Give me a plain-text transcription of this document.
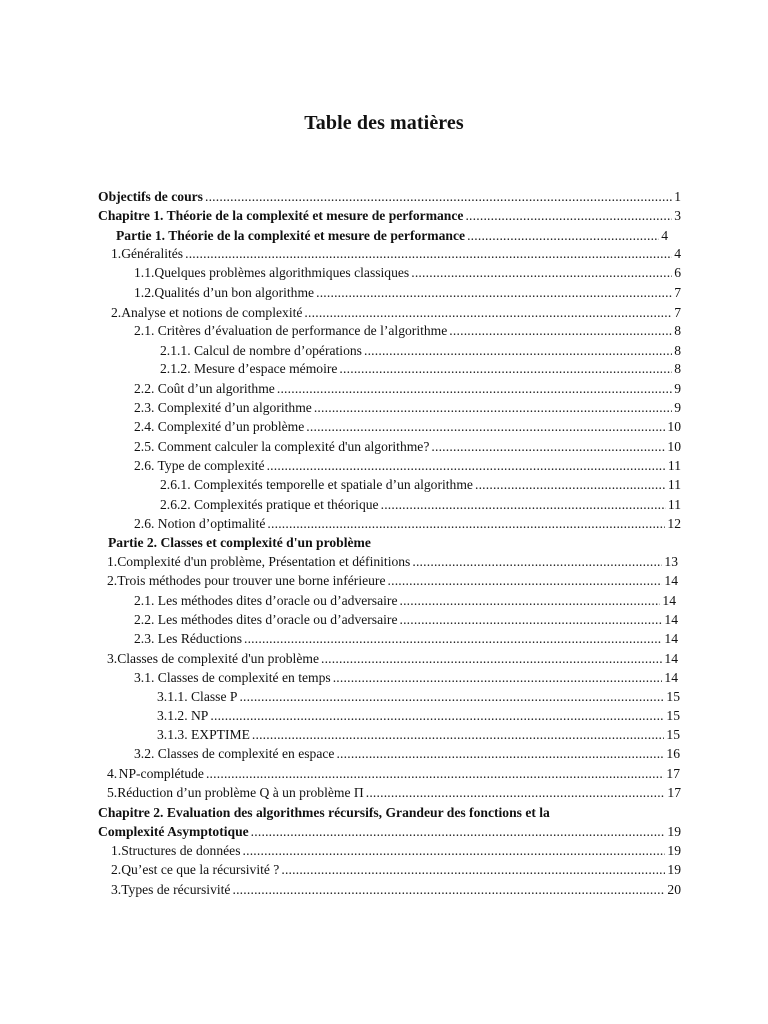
Table des matières
Objectifs de cours .....	1
Chapitre 1. Théorie de la complexité et mesure de performance .....	3
Partie 1. Théorie de la complexité et mesure de performance .....	4
1. Généralités .....	4
1.1. Quelques problèmes algorithmiques classiques .....	6
1.2. Qualités d’un bon algorithme .....	7
2. Analyse et notions de complexité .....	7
2.1. Critères d’évaluation de performance de l’algorithme .....	8
2.1.1. Calcul de nombre d’opérations .....	8
2.1.2. Mesure d’espace mémoire .....	8
2.2. Coût d’un algorithme .....	9
2.3. Complexité d’un algorithme .....	9
2.4. Complexité d’un problème .....	10
2.5. Comment calculer la complexité d'un algorithme? .....	10
2.6. Type de complexité .....	11
2.6.1. Complexités temporelle et spatiale d’un algorithme .....	11
2.6.2. Complexités pratique et théorique .....	11
2.6. Notion d’optimalité .....	12
Partie 2. Classes et complexité d'un problème
1. Complexité d'un problème, Présentation et définitions .....	13
2. Trois méthodes pour trouver une borne inférieure .....	14
2.1. Les méthodes dites d’oracle ou d’adversaire .....	14
2.2. Les méthodes dites d’oracle ou d’adversaire .....	14
2.3. Les Réductions .....	14
3. Classes de complexité d'un problème .....	14
3.1. Classes de complexité en temps .....	14
3.1.1. Classe P .....	15
3.1.2. NP .....	15
3.1.3. EXPTIME .....	15
3.2. Classes de complexité en espace .....	16
4. NP-complétude .....	17
5. Réduction d’un problème Q à un problème Π .....	17
Chapitre 2. Evaluation des algorithmes récursifs, Grandeur des fonctions et la
Complexité Asymptotique .....	19
1. Structures de données .....	19
2. Qu’est ce que la récursivité ? .....	19
3. Types de récursivité .....	20
